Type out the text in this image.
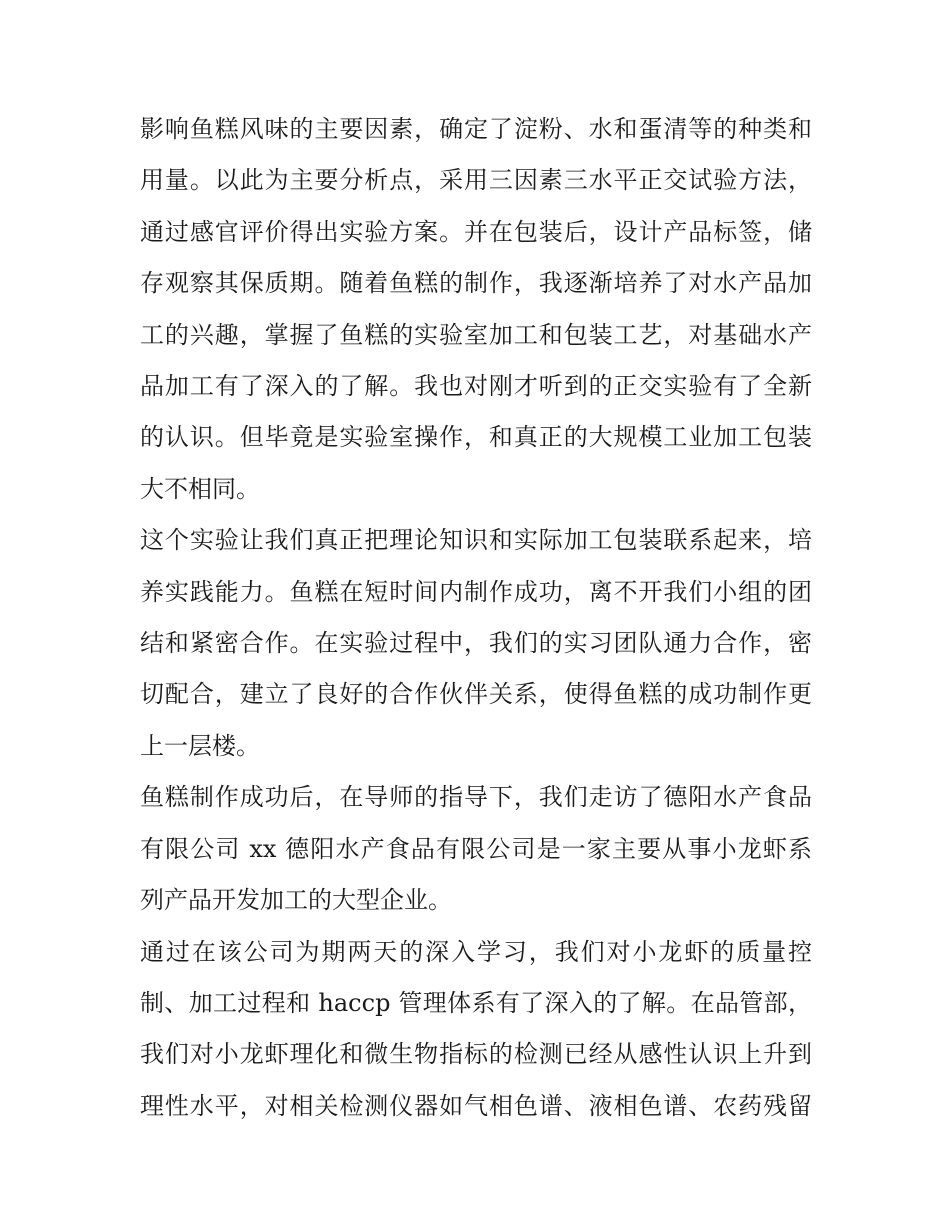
影响鱼糕风味的主要因素，确定了淀粉、水和蛋清等的种类和
用量。以此为主要分析点，采用三因素三水平正交试验方法，
通过感官评价得出实验方案。并在包装后，设计产品标签，储
存观察其保质期。随着鱼糕的制作，我逐渐培养了对水产品加
工的兴趣，掌握了鱼糕的实验室加工和包装工艺，对基础水产
品加工有了深入的了解。我也对刚才听到的正交实验有了全新
的认识。但毕竟是实验室操作，和真正的大规模工业加工包装
大不相同。

这个实验让我们真正把理论知识和实际加工包装联系起来，培
养实践能力。鱼糕在短时间内制作成功，离不开我们小组的团
结和紧密合作。在实验过程中，我们的实习团队通力合作，密
切配合，建立了良好的合作伙伴关系，使得鱼糕的成功制作更
上一层楼。

鱼糕制作成功后，在导师的指导下，我们走访了德阳水产食品
有限公司 xx 德阳水产食品有限公司是一家主要从事小龙虾系
列产品开发加工的大型企业。

通过在该公司为期两天的深入学习，我们对小龙虾的质量控
制、加工过程和 haccp 管理体系有了深入的了解。在品管部，
我们对小龙虾理化和微生物指标的检测已经从感性认识上升到
理性水平，对相关检测仪器如气相色谱、液相色谱、农药残留
